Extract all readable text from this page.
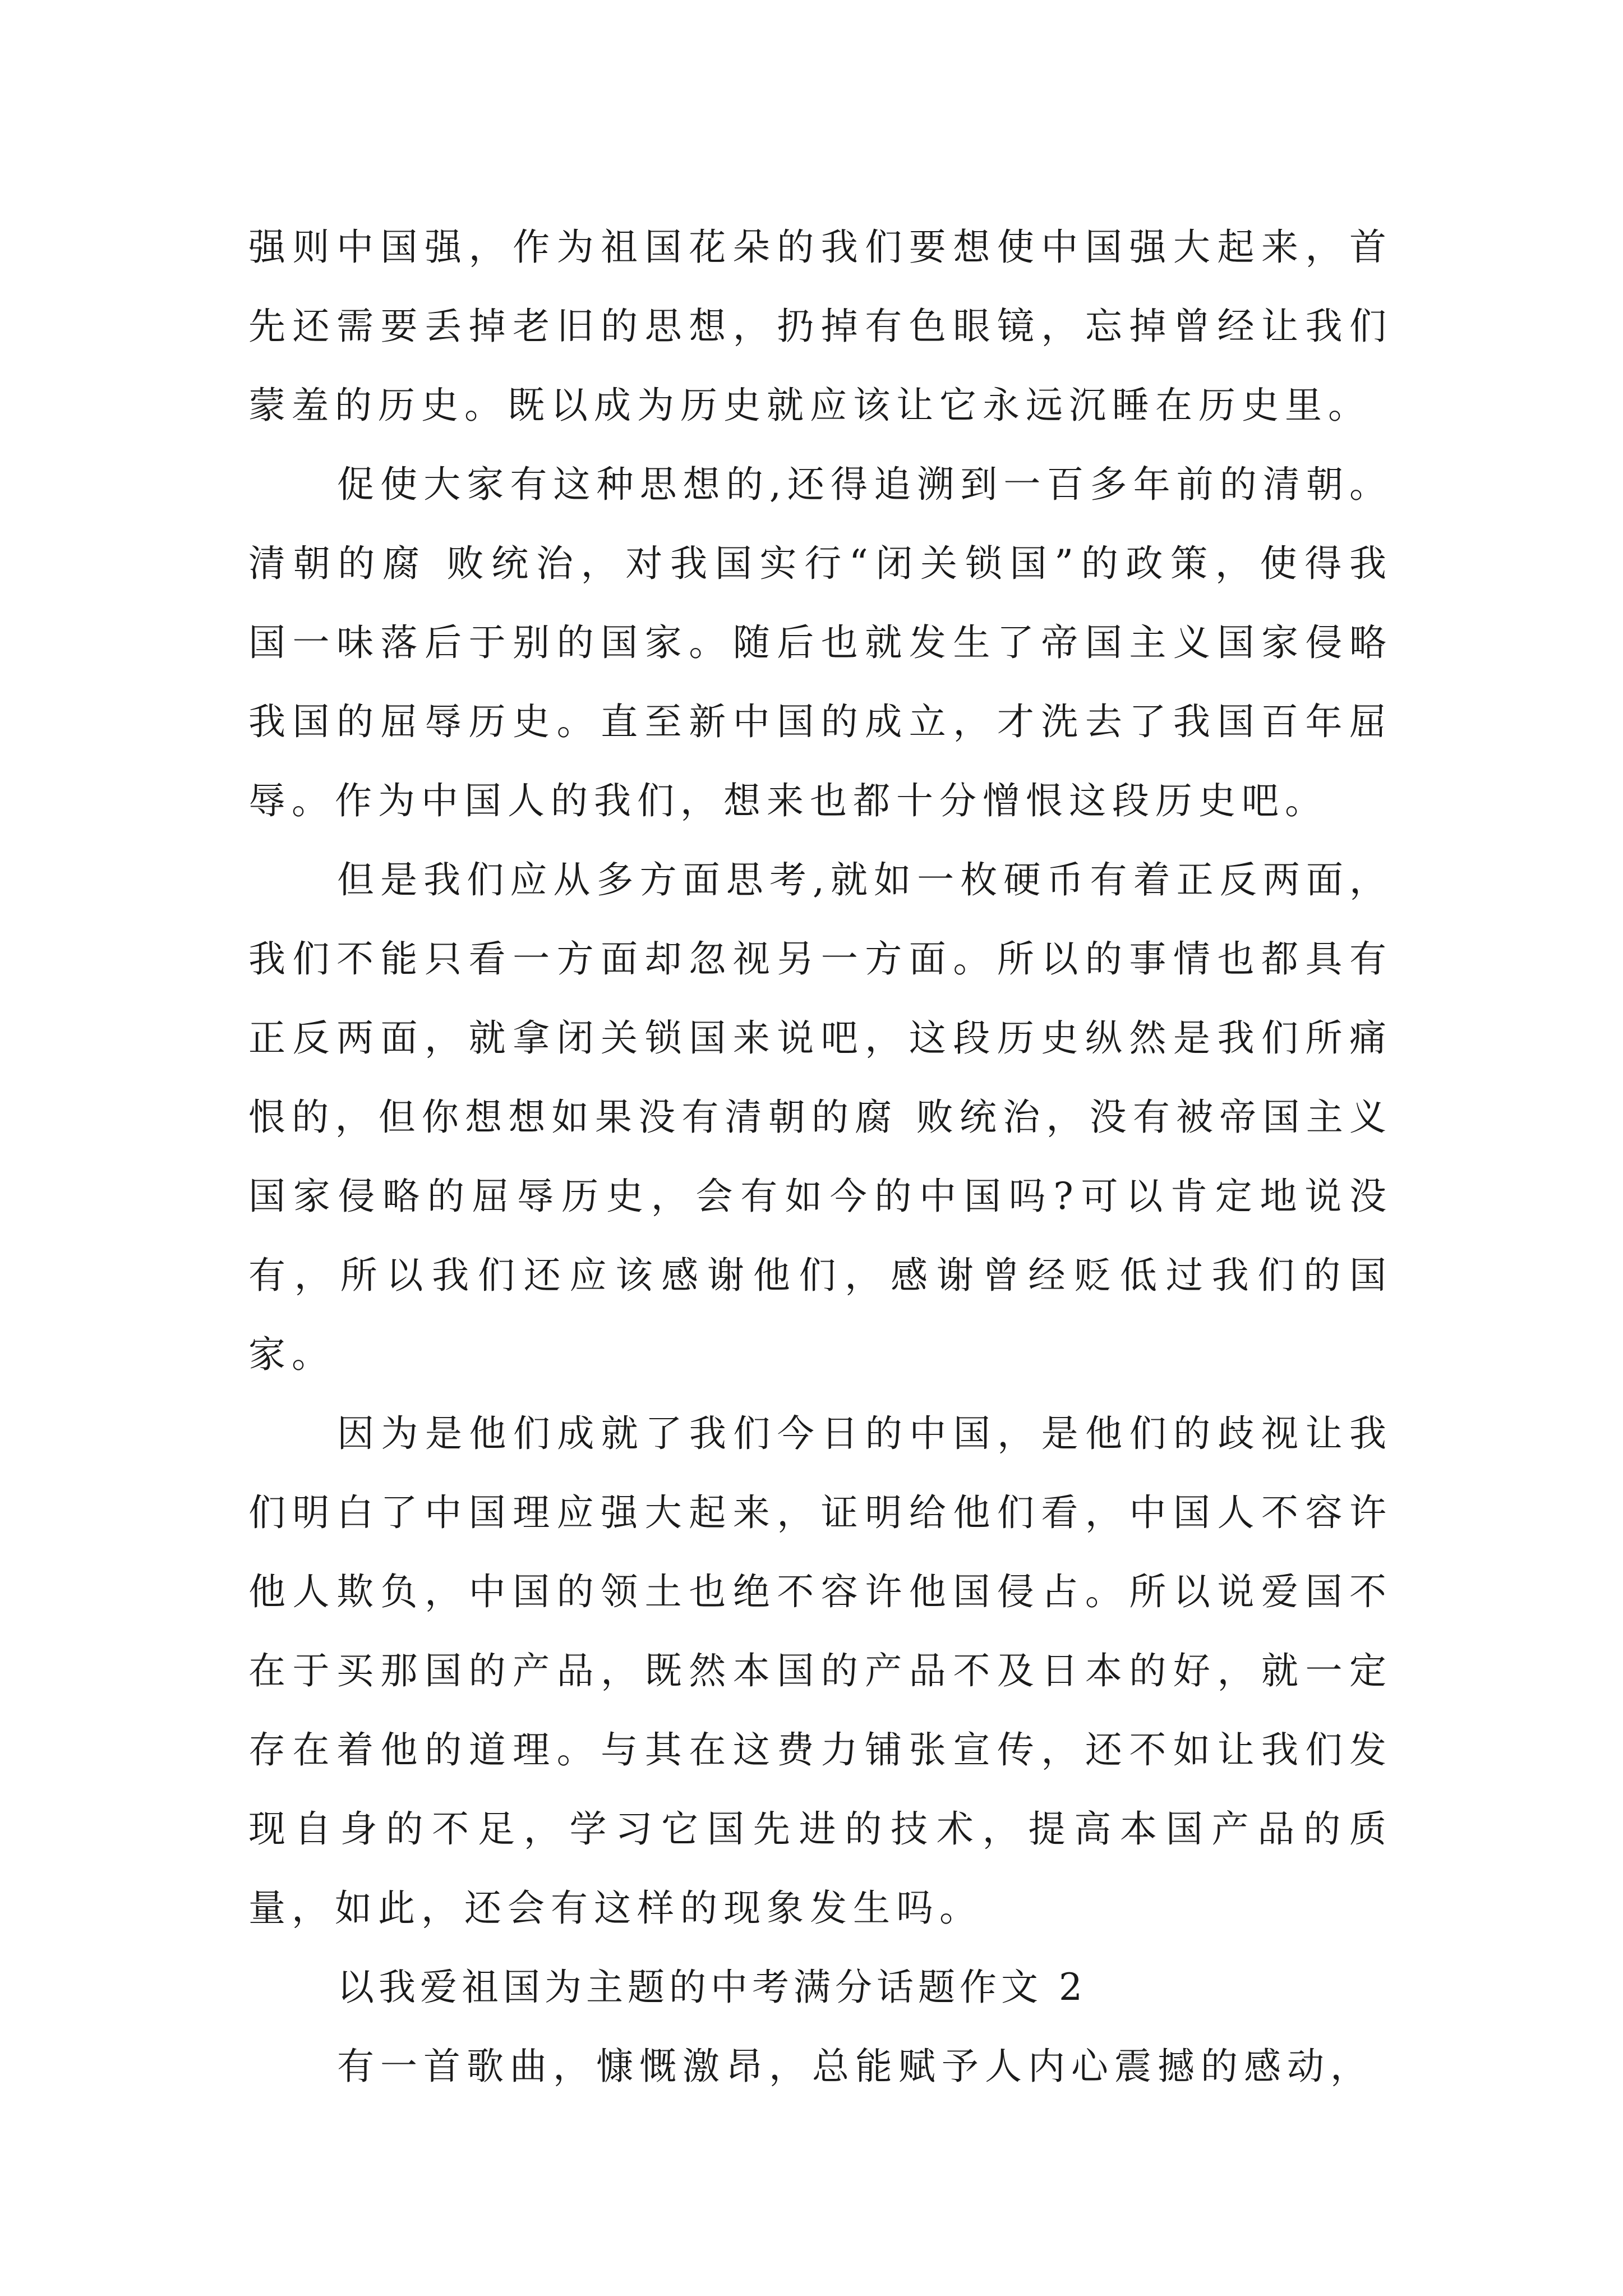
强则中国强，作为祖国花朵的我们要想使中国强大起来，首先还需要丢掉老旧的思想，扔掉有色眼镜，忘掉曾经让我们蒙羞的历史。既以成为历史就应该让它永远沉睡在历史里。

促使大家有这种思想的,还得追溯到一百多年前的清朝。清朝的腐 败统治，对我国实行“闭关锁国”的政策，使得我国一味落后于别的国家。随后也就发生了帝国主义国家侵略我国的屈辱历史。直至新中国的成立，才洗去了我国百年屈辱。作为中国人的我们，想来也都十分憎恨这段历史吧。

但是我们应从多方面思考,就如一枚硬币有着正反两面，我们不能只看一方面却忽视另一方面。所以的事情也都具有正反两面，就拿闭关锁国来说吧，这段历史纵然是我们所痛恨的，但你想想如果没有清朝的腐 败统治，没有被帝国主义国家侵略的屈辱历史，会有如今的中国吗?可以肯定地说没有，所以我们还应该感谢他们，感谢曾经贬低过我们的国家。

因为是他们成就了我们今日的中国，是他们的歧视让我们明白了中国理应强大起来，证明给他们看，中国人不容许他人欺负，中国的领土也绝不容许他国侵占。所以说爱国不在于买那国的产品，既然本国的产品不及日本的好，就一定存在着他的道理。与其在这费力铺张宣传，还不如让我们发现自身的不足，学习它国先进的技术，提高本国产品的质量，如此，还会有这样的现象发生吗。

以我爱祖国为主题的中考满分话题作文 2

有一首歌曲，慷慨激昂，总能赋予人内心震撼的感动，
